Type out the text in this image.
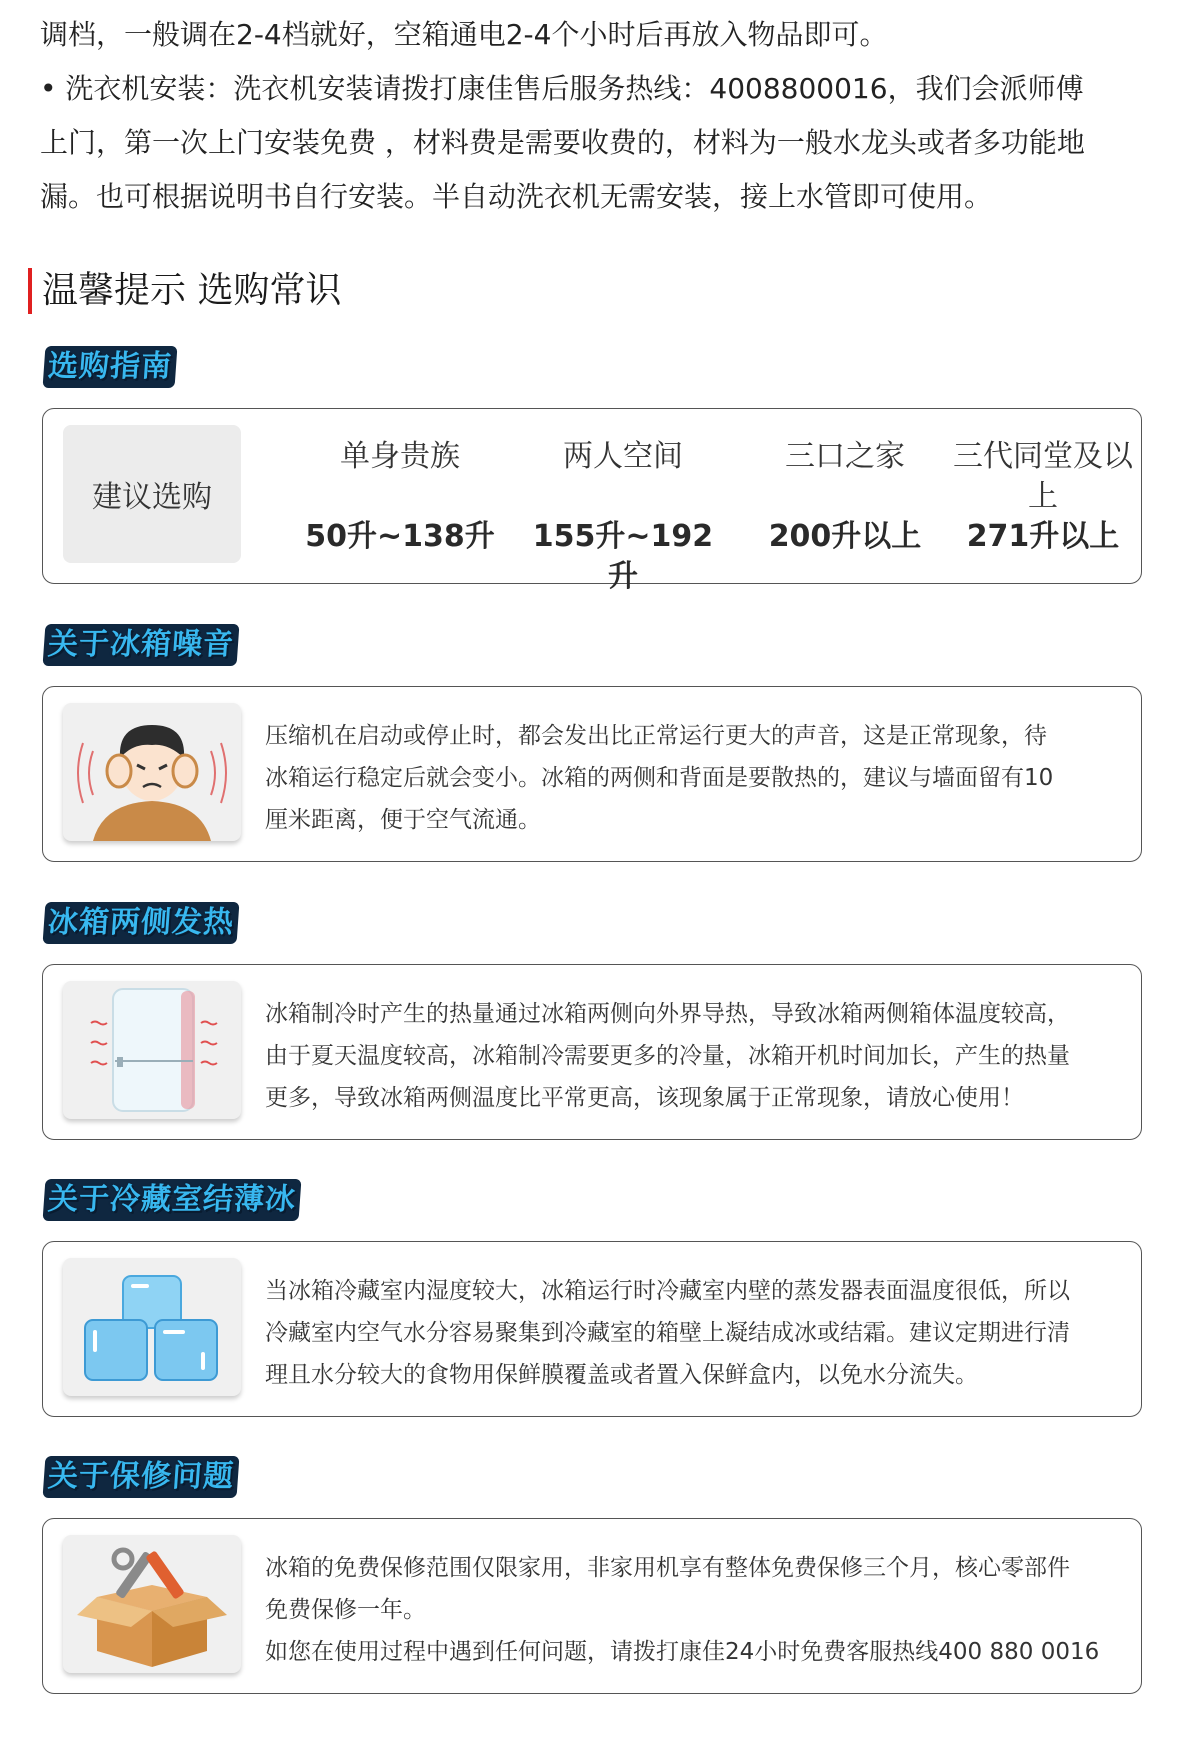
调档，一般调在2-4档就好，空箱通电2-4个小时后再放入物品即可。

• 洗衣机安装：洗衣机安装请拨打康佳售后服务热线：4008800016，我们会派师傅

上门，第一次上门安装免费 ，材料费是需要收费的，材料为一般水龙头或者多功能地

漏。也可根据说明书自行安装。半自动洗衣机无需安装，接上水管即可使用。

温馨提示 选购常识
选购指南
建议选购
单身贵族
50升~138升
两人空间
155升~192升
三口之家
200升以上
三代同堂及以上
271升以上
关于冰箱噪音
压缩机在启动或停止时，都会发出比正常运行更大的声音，这是正常现象，待
冰箱运行稳定后就会变小。冰箱的两侧和背面是要散热的，建议与墙面留有10
厘米距离，便于空气流通。
冰箱两侧发热
冰箱制冷时产生的热量通过冰箱两侧向外界导热，导致冰箱两侧箱体温度较高，
由于夏天温度较高，冰箱制冷需要更多的冷量，冰箱开机时间加长，产生的热量
更多，导致冰箱两侧温度比平常更高，该现象属于正常现象，请放心使用！
关于冷藏室结薄冰
当冰箱冷藏室内湿度较大，冰箱运行时冷藏室内壁的蒸发器表面温度很低，所以
冷藏室内空气水分容易聚集到冷藏室的箱壁上凝结成冰或结霜。建议定期进行清
理且水分较大的食物用保鲜膜覆盖或者置入保鲜盒内，以免水分流失。
关于保修问题
冰箱的免费保修范围仅限家用，非家用机享有整体免费保修三个月，核心零部件
免费保修一年。
如您在使用过程中遇到任何问题，请拨打康佳24小时免费客服热线400 880 0016
